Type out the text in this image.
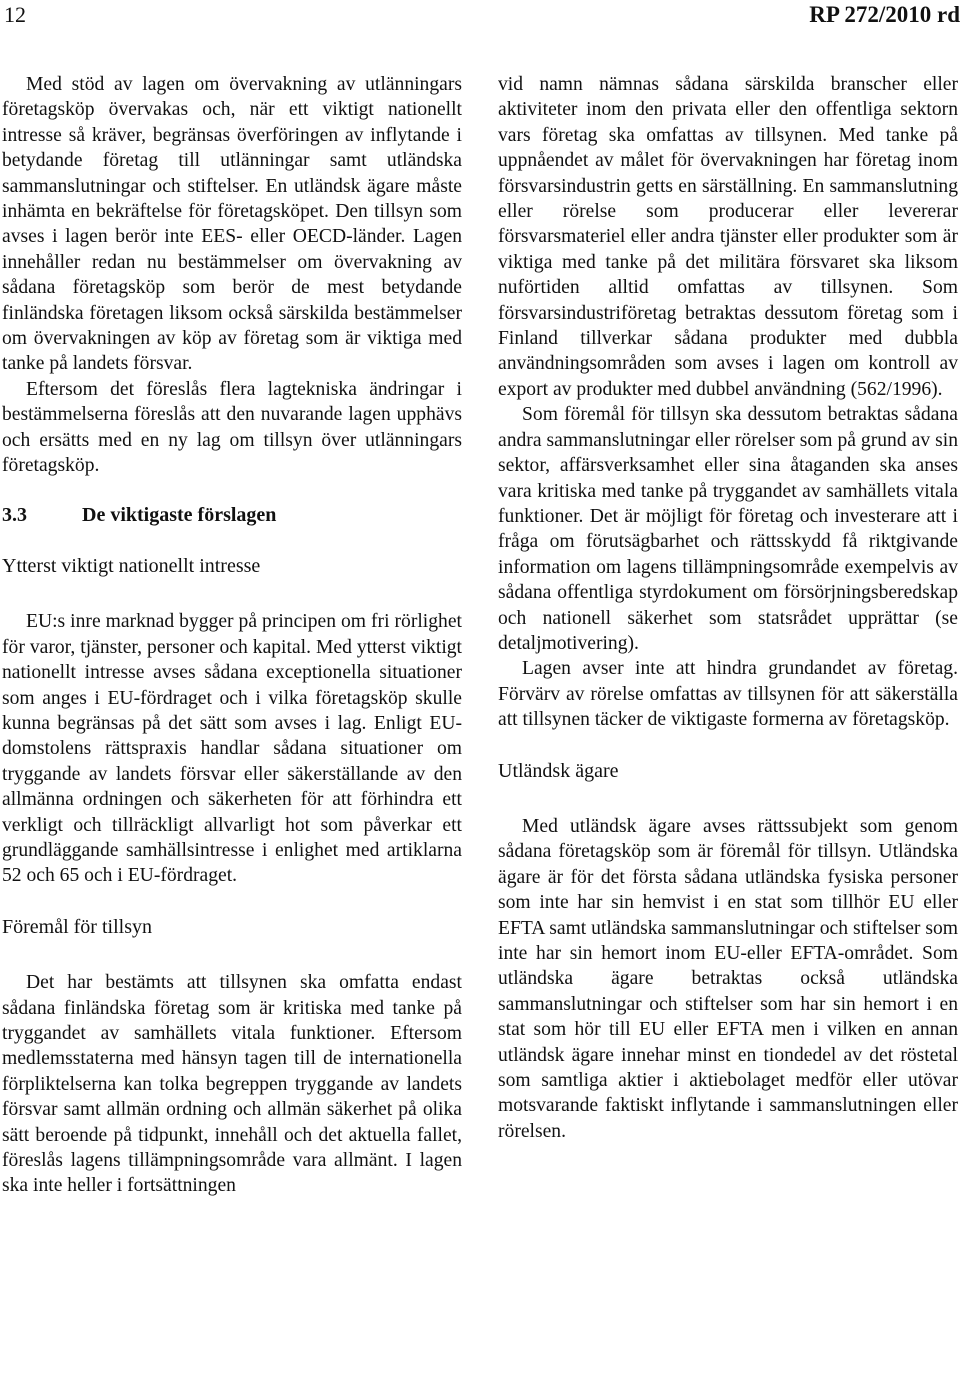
12	RP 272/2010 rd

Med stöd av lagen om övervakning av utlänningars företagsköp övervakas och, när ett viktigt nationellt intresse så kräver, begränsas överföringen av inflytande i betydande företag till utlänningar samt utländska sammanslutningar och stiftelser. En utländsk ägare måste inhämta en bekräftelse för företagsköpet. Den tillsyn som avses i lagen berör inte EES- eller OECD-länder. Lagen innehåller redan nu bestämmelser om övervakning av sådana företagsköp som berör de mest betydande finländska företagen liksom också särskilda bestämmelser om övervakningen av köp av företag som är viktiga med tanke på landets försvar.

Eftersom det föreslås flera lagtekniska ändringar i bestämmelserna föreslås att den nuvarande lagen upphävs och ersätts med en ny lag om tillsyn över utlänningars företagsköp.

3.3	De viktigaste förslagen
Ytterst viktigt nationellt intresse

EU:s inre marknad bygger på principen om fri rörlighet för varor, tjänster, personer och kapital. Med ytterst viktigt nationellt intresse avses sådana exceptionella situationer som anges i EU-fördraget och i vilka företagsköp skulle kunna begränsas på det sätt som avses i lag. Enligt EU-domstolens rättspraxis handlar sådana situationer om tryggande av landets försvar eller säkerställande av den allmänna ordningen och säkerheten för att förhindra ett verkligt och tillräckligt allvarligt hot som påverkar ett grundläggande samhällsintresse i enlighet med artiklarna 52 och 65 och i EU-fördraget.

Föremål för tillsyn

Det har bestämts att tillsynen ska omfatta endast sådana finländska företag som är kritiska med tanke på tryggandet av samhällets vitala funktioner. Eftersom medlemsstaterna med hänsyn tagen till de internationella förpliktelserna kan tolka begreppen tryggande av landets försvar samt allmän ordning och allmän säkerhet på olika sätt beroende på tidpunkt, innehåll och det aktuella fallet, föreslås lagens tillämpningsområde vara allmänt. I lagen ska inte heller i fortsättningen

vid namn nämnas sådana särskilda branscher eller aktiviteter inom den privata eller den offentliga sektorn vars företag ska omfattas av tillsynen. Med tanke på uppnåendet av målet för övervakningen har företag inom försvarsindustrin getts en särställning. En sammanslutning eller rörelse som producerar eller levererar försvarsmateriel eller andra tjänster eller produkter som är viktiga med tanke på det militära försvaret ska liksom nuförtiden alltid omfattas av tillsynen. Som försvarsindustriföretag betraktas dessutom företag som i Finland tillverkar sådana produkter med dubbla användningsområden som avses i lagen om kontroll av export av produkter med dubbel användning (562/1996).

Som föremål för tillsyn ska dessutom betraktas sådana andra sammanslutningar eller rörelser som på grund av sin sektor, affärsverksamhet eller sina åtaganden ska anses vara kritiska med tanke på tryggandet av samhällets vitala funktioner. Det är möjligt för företag och investerare att i fråga om förutsägbarhet och rättsskydd få riktgivande information om lagens tillämpningsområde exempelvis av sådana offentliga styrdokument om försörjningsberedskap och nationell säkerhet som statsrådet upprättar (se detaljmotivering).

Lagen avser inte att hindra grundandet av företag. Förvärv av rörelse omfattas av tillsynen för att säkerställa att tillsynen täcker de viktigaste formerna av företagsköp.

Utländsk ägare

Med utländsk ägare avses rättssubjekt som genom sådana företagsköp som är föremål för tillsyn. Utländska ägare är för det första sådana utländska fysiska personer som inte har sin hemvist i en stat som tillhör EU eller EFTA samt utländska sammanslutningar och stiftelser som inte har sin hemort inom EU-eller EFTA-området. Som utländska ägare betraktas också utländska sammanslutningar och stiftelser som har sin hemort i en stat som hör till EU eller EFTA men i vilken en annan utländsk ägare innehar minst en tiondedel av det röstetal som samtliga aktier i aktiebolaget medför eller utövar motsvarande faktiskt inflytande i sammanslutningen eller rörelsen.
